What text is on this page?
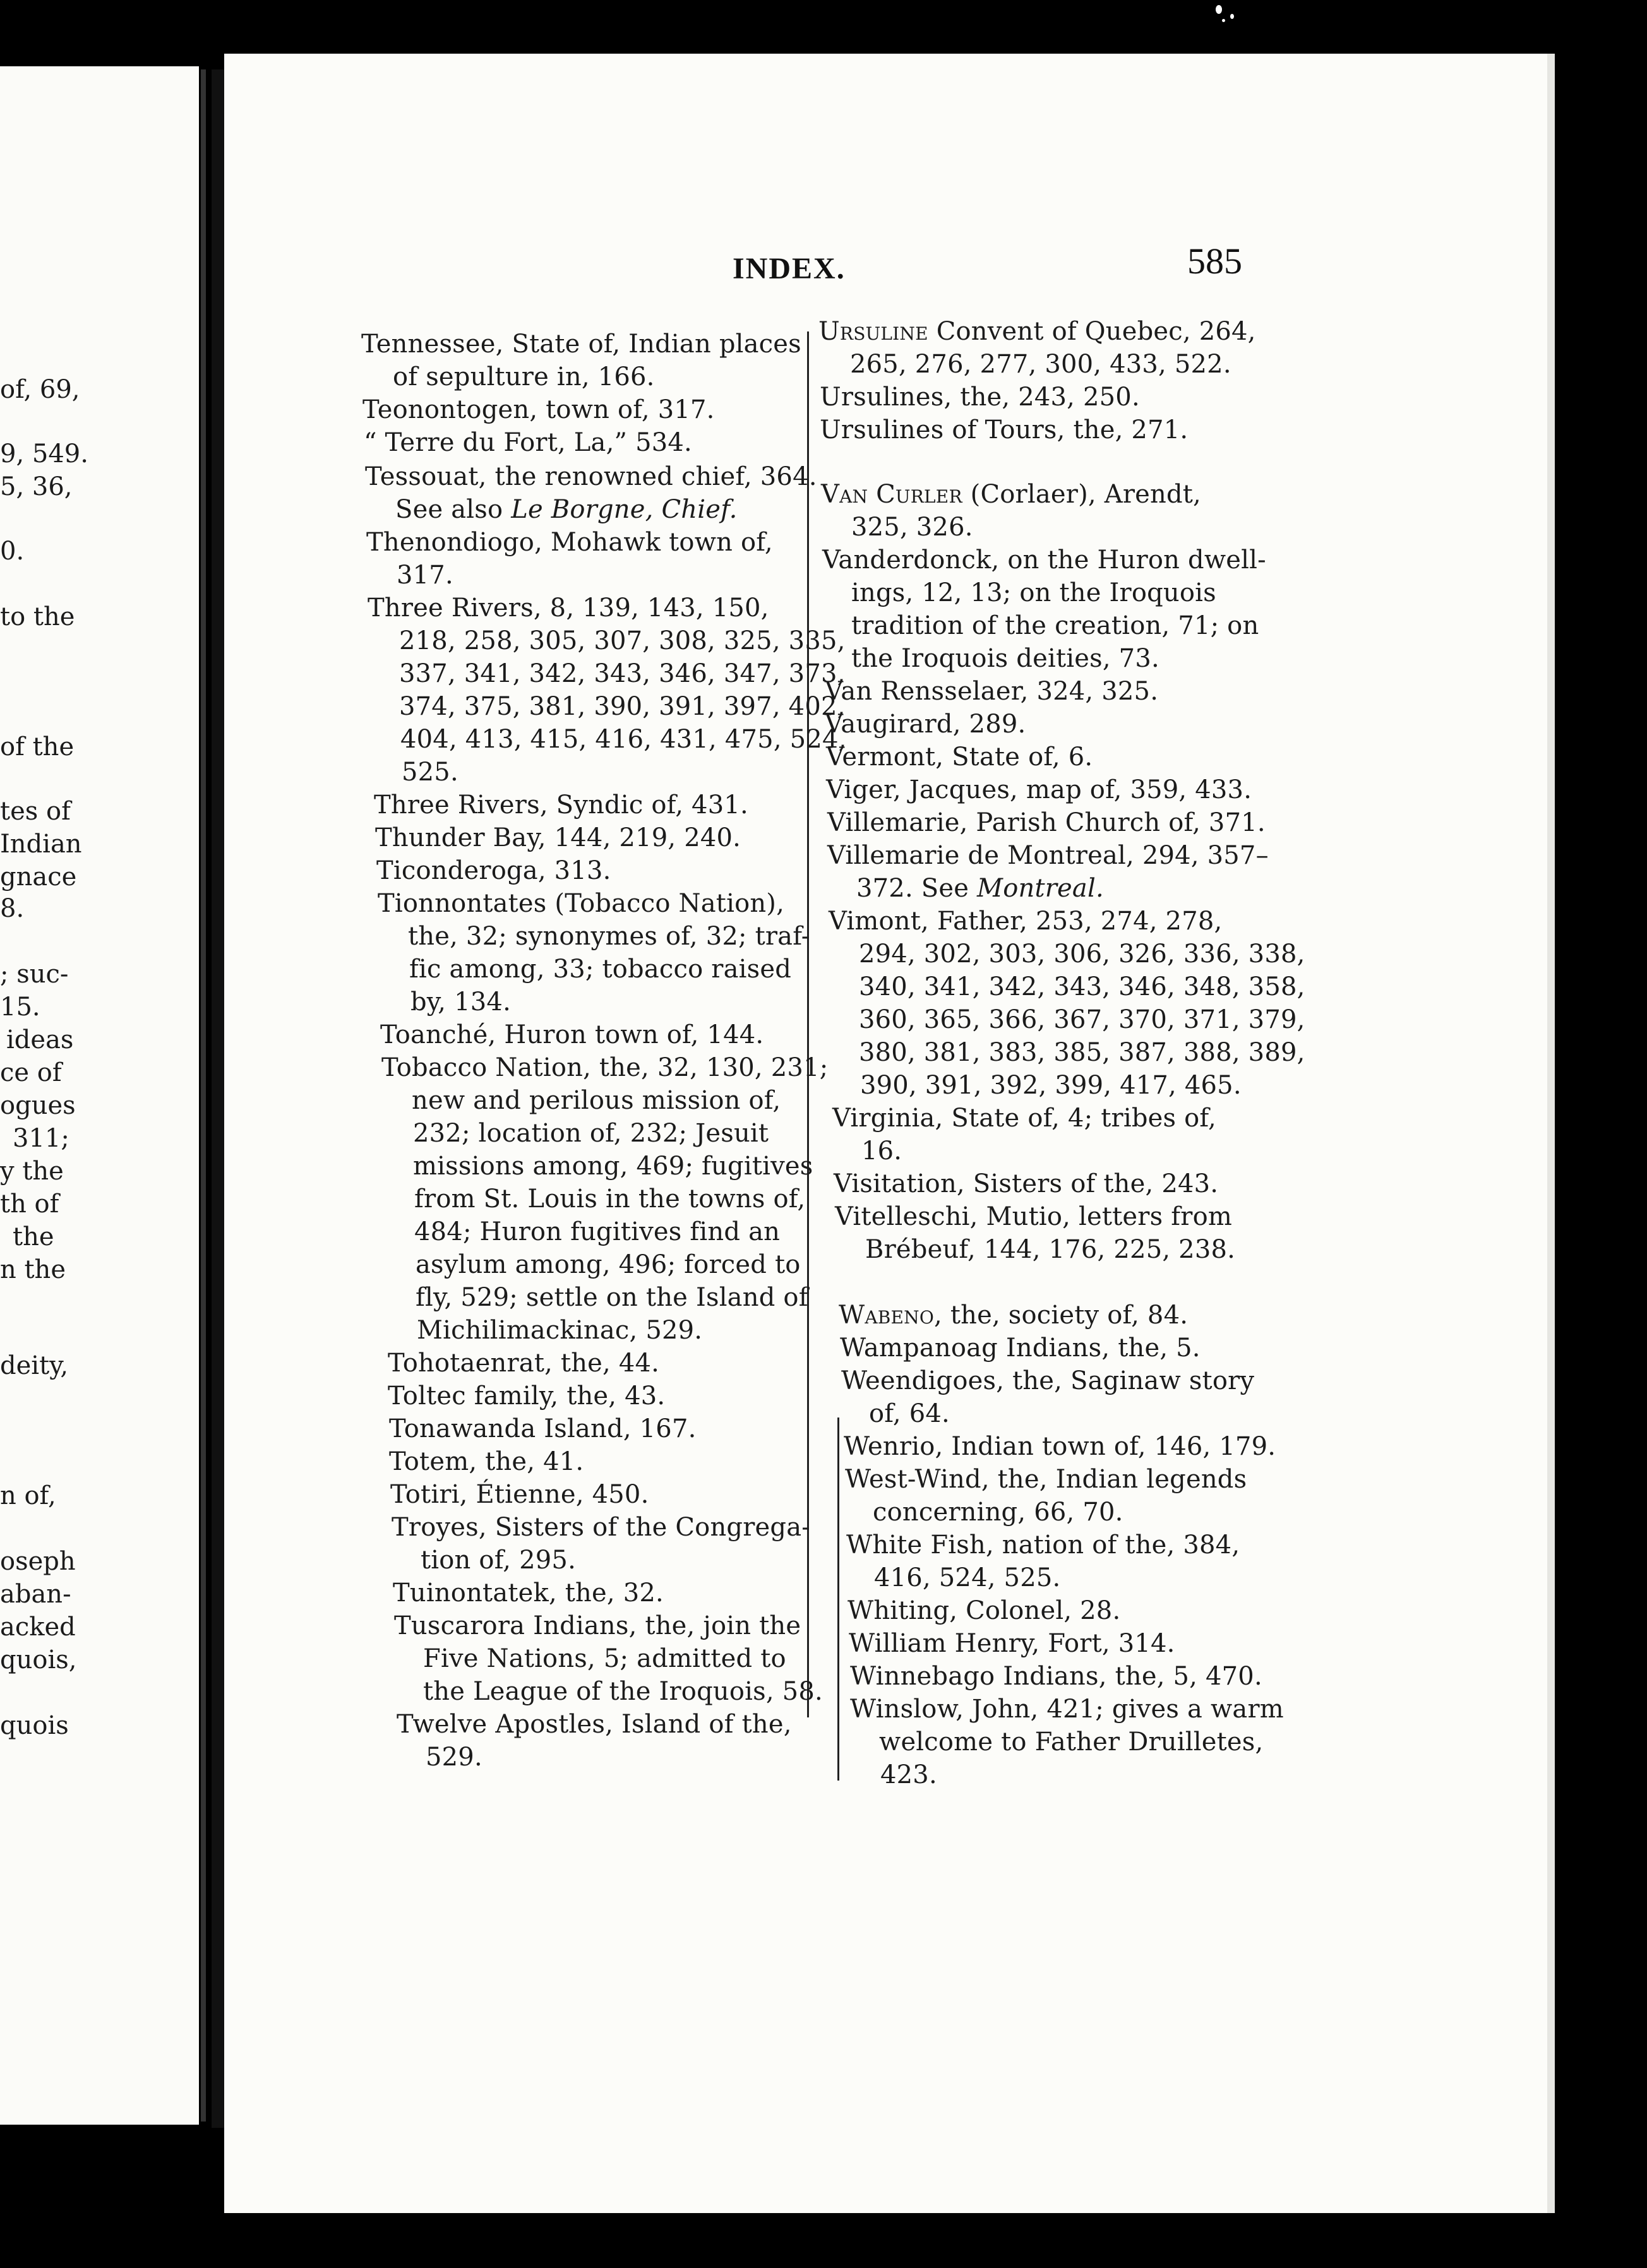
of, 69,
9, 549.
5, 36,
0.
to the
of the
tes of
Indian
gnace
8.
; suc-
15.
ideas
ce of
ogues
311;
y the
th of
the
n the
deity,
n of,
oseph
aban-
acked
quois,
quois
INDEX.	585
Tennessee, State of, Indian places
of sepulture in, 166.
Teonontogen, town of, 317.
“ Terre du Fort, La,” 534.
Tessouat, the renowned chief, 364.
See also Le Borgne, Chief.
Thenondiogo, Mohawk town of,
317.
Three Rivers, 8, 139, 143, 150,
218, 258, 305, 307, 308, 325, 335,
337, 341, 342, 343, 346, 347, 373,
374, 375, 381, 390, 391, 397, 402,
404, 413, 415, 416, 431, 475, 524,
525.
Three Rivers, Syndic of, 431.
Thunder Bay, 144, 219, 240.
Ticonderoga, 313.
Tionnontates (Tobacco Nation),
the, 32; synonymes of, 32; traf-
fic among, 33; tobacco raised
by, 134.
Toanché, Huron town of, 144.
Tobacco Nation, the, 32, 130, 231;
new and perilous mission of,
232; location of, 232; Jesuit
missions among, 469; fugitives
from St. Louis in the towns of,
484; Huron fugitives find an
asylum among, 496; forced to
fly, 529; settle on the Island of
Michilimackinac, 529.
Tohotaenrat, the, 44.
Toltec family, the, 43.
Tonawanda Island, 167.
Totem, the, 41.
Totiri, Étienne, 450.
Troyes, Sisters of the Congrega-
tion of, 295.
Tuinontatek, the, 32.
Tuscarora Indians, the, join the
Five Nations, 5; admitted to
the League of the Iroquois, 58.
Twelve Apostles, Island of the,
529.
Ursuline Convent of Quebec, 264,
265, 276, 277, 300, 433, 522.
Ursulines, the, 243, 250.
Ursulines of Tours, the, 271.
Van Curler (Corlaer), Arendt,
325, 326.
Vanderdonck, on the Huron dwell-
ings, 12, 13; on the Iroquois
tradition of the creation, 71; on
the Iroquois deities, 73.
Van Rensselaer, 324, 325.
Vaugirard, 289.
Vermont, State of, 6.
Viger, Jacques, map of, 359, 433.
Villemarie, Parish Church of, 371.
Villemarie de Montreal, 294, 357–
372. See Montreal.
Vimont, Father, 253, 274, 278,
294, 302, 303, 306, 326, 336, 338,
340, 341, 342, 343, 346, 348, 358,
360, 365, 366, 367, 370, 371, 379,
380, 381, 383, 385, 387, 388, 389,
390, 391, 392, 399, 417, 465.
Virginia, State of, 4; tribes of,
16.
Visitation, Sisters of the, 243.
Vitelleschi, Mutio, letters from
Brébeuf, 144, 176, 225, 238.
Wabeno, the, society of, 84.
Wampanoag Indians, the, 5.
Weendigoes, the, Saginaw story
of, 64.
Wenrio, Indian town of, 146, 179.
West-Wind, the, Indian legends
concerning, 66, 70.
White Fish, nation of the, 384,
416, 524, 525.
Whiting, Colonel, 28.
William Henry, Fort, 314.
Winnebago Indians, the, 5, 470.
Winslow, John, 421; gives a warm
welcome to Father Druilletes,
423.
